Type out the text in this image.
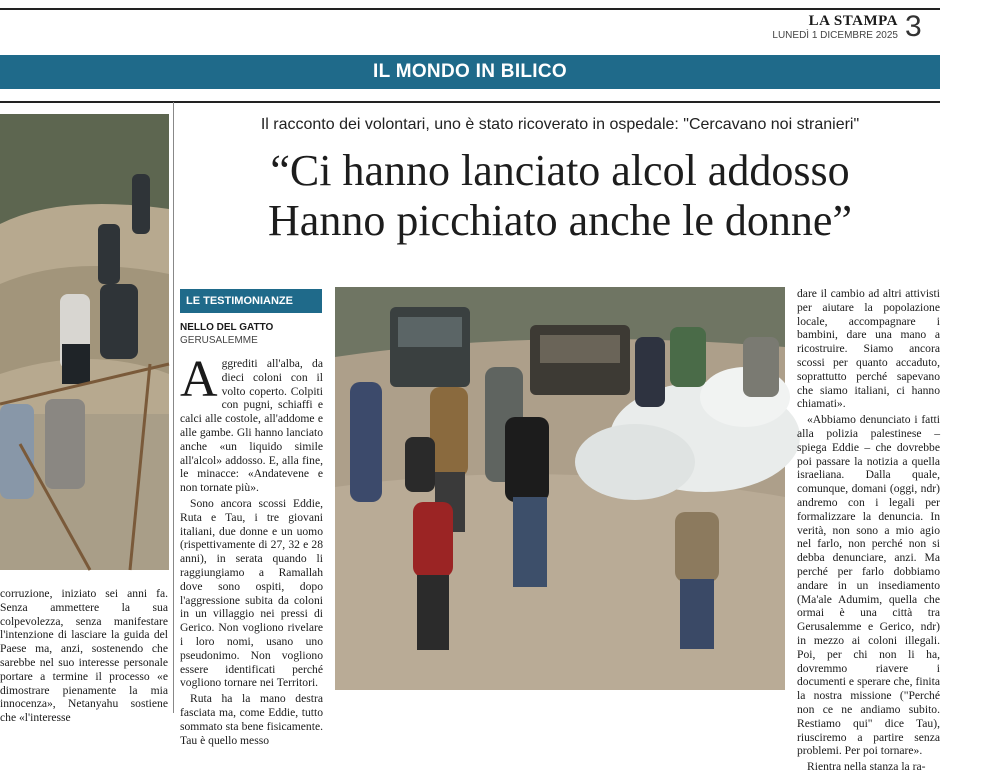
LA STAMPA
LUNEDÌ 1 DICEMBRE 2025 3
IL MONDO IN BILICO

corruzione, iniziato sei anni fa. Senza ammettere la sua colpevolezza, senza manifestare l'intenzione di lasciare la guida del Paese ma, anzi, sostenendo che sarebbe nel suo interesse personale portare a termine il processo «e dimostrare pienamente la mia innocenza», Netanyahu sostiene che «l'interesse

Il racconto dei volontari, uno è stato ricoverato in ospedale: "Cercavano noi stranieri"
“Ci hanno lanciato alcol addosso
Hanno picchiato anche le donne”
LE TESTIMONIANZE
NELLO DEL GATTO
GERUSALEMME

Aggrediti all'alba, da dieci coloni con il volto coperto. Colpiti con pugni, schiaffi e calci alle costole, all'addome e alle gambe. Gli hanno lanciato anche «un liquido simile all'alcol» addosso. E, alla fine, le minacce: «Andatevene e non tornate più».

Sono ancora scossi Eddie, Ruta e Tau, i tre giovani italiani, due donne e un uomo (rispettivamente di 27, 32 e 28 anni), in serata quando li raggiungiamo a Ramallah dove sono ospiti, dopo l'aggressione subita da coloni in un villaggio nei pressi di Gerico. Non vogliono rivelare i loro nomi, usano uno pseudonimo. Non vogliono essere identificati perché vogliono tornare nei Territori.

Ruta ha la mano destra fasciata ma, come Eddie, tutto sommato sta bene fisicamente. Tau è quello messo

dare il cambio ad altri attivisti per aiutare la popolazione locale, accompagnare i bambini, dare una mano a ricostruire. Siamo ancora scossi per quanto accaduto, soprattutto perché sapevano che siamo italiani, ci hanno chiamati».

«Abbiamo denunciato i fatti alla polizia palestinese – spiega Eddie – che dovrebbe poi passare la notizia a quella israeliana. Dalla quale, comunque, domani (oggi, ndr) andremo con i legali per formalizzare la denuncia. In verità, non sono a mio agio nel farlo, non perché non si debba denunciare, anzi. Ma perché per farlo dobbiamo andare in un insediamento (Ma'ale Adumim, quella che ormai è una città tra Gerusalemme e Gerico, ndr) in mezzo ai coloni illegali. Poi, per chi non li ha, dovremmo riavere i documenti e sperare che, finita la nostra missione ("Perché non ce ne andiamo subito. Restiamo qui" dice Tau), riusciremo a partire senza problemi. Per poi tornare».

Rientra nella stanza la ra-
